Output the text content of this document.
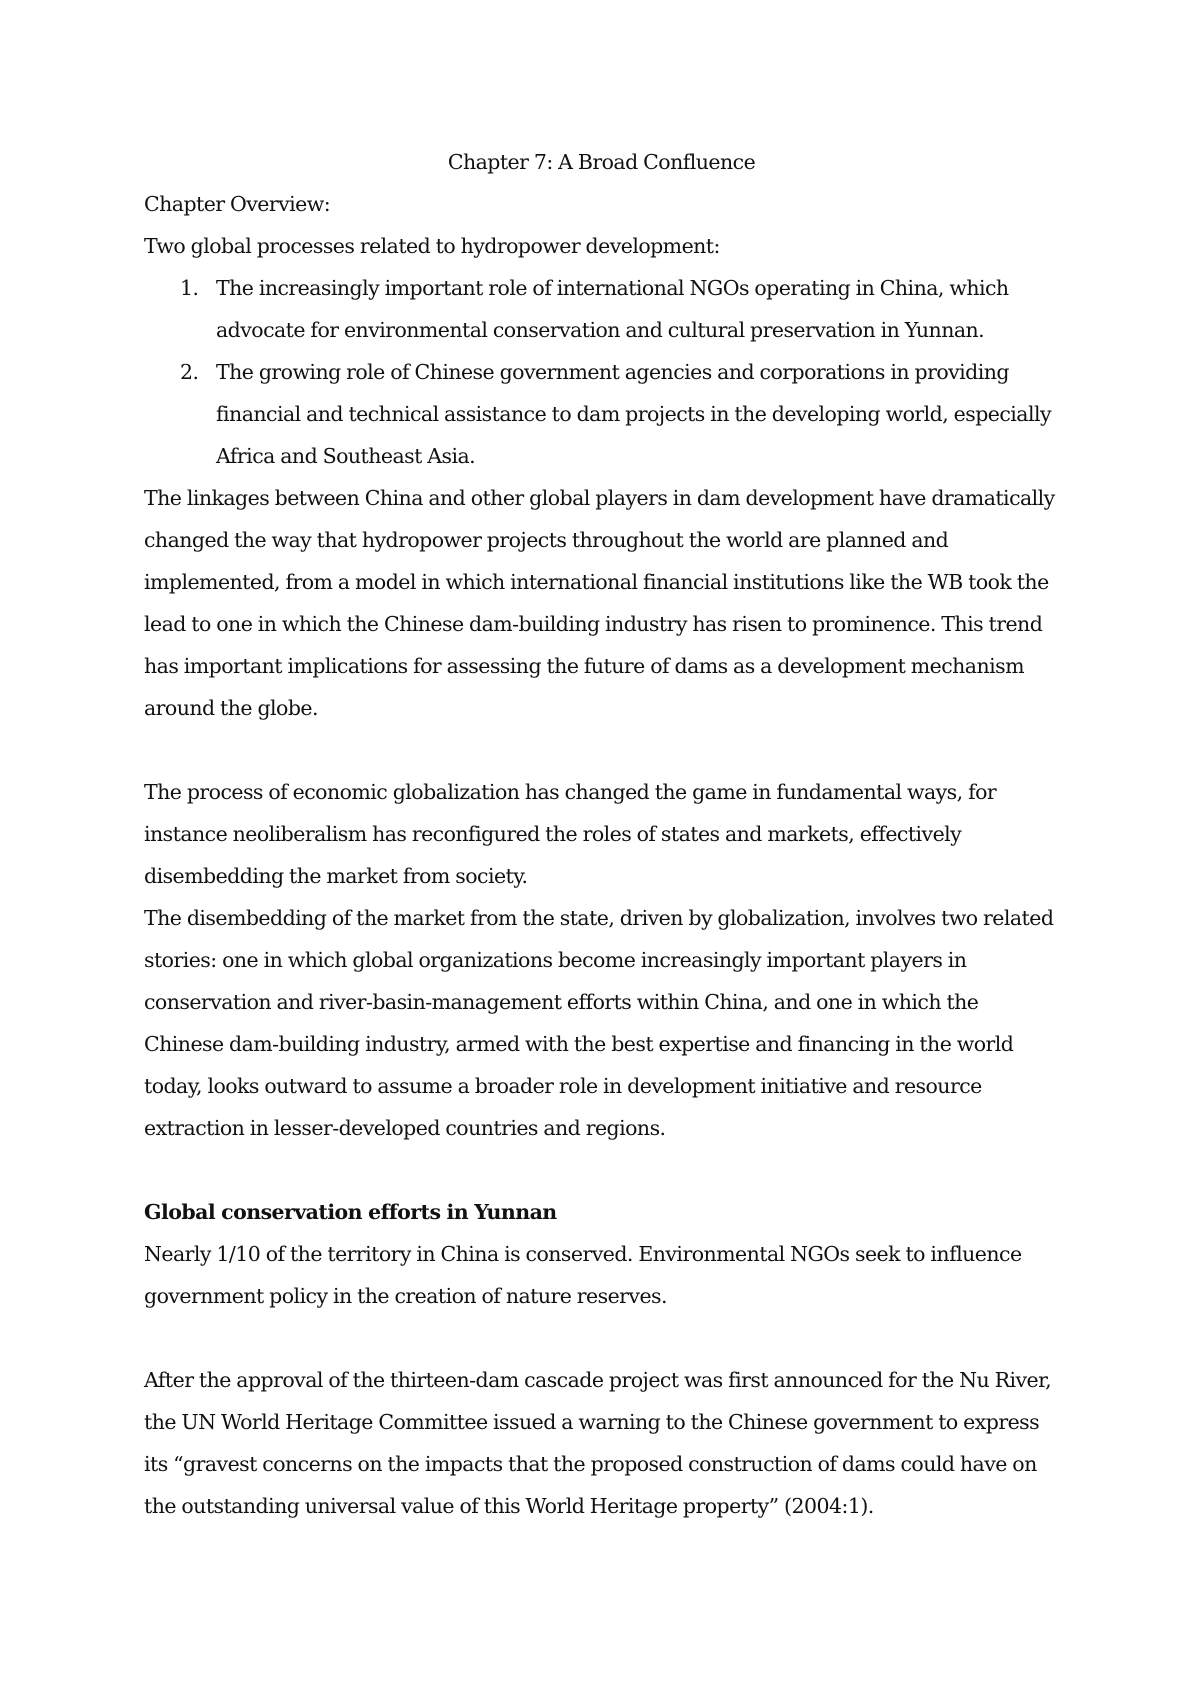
Chapter 7: A Broad Confluence

Chapter Overview:

Two global processes related to hydropower development:

1. The increasingly important role of international NGOs operating in China, which advocate for environmental conservation and cultural preservation in Yunnan.
2. The growing role of Chinese government agencies and corporations in providing financial and technical assistance to dam projects in the developing world, especially Africa and Southeast Asia.

The linkages between China and other global players in dam development have dramatically changed the way that hydropower projects throughout the world are planned and implemented, from a model in which international financial institutions like the WB took the lead to one in which the Chinese dam-building industry has risen to prominence. This trend has important implications for assessing the future of dams as a development mechanism around the globe.

The process of economic globalization has changed the game in fundamental ways, for instance neoliberalism has reconfigured the roles of states and markets, effectively disembedding the market from society.

The disembedding of the market from the state, driven by globalization, involves two related stories: one in which global organizations become increasingly important players in conservation and river-basin-management efforts within China, and one in which the Chinese dam-building industry, armed with the best expertise and financing in the world today, looks outward to assume a broader role in development initiative and resource extraction in lesser-developed countries and regions.

Global conservation efforts in Yunnan

Nearly 1/10 of the territory in China is conserved. Environmental NGOs seek to influence government policy in the creation of nature reserves.

After the approval of the thirteen-dam cascade project was first announced for the Nu River, the UN World Heritage Committee issued a warning to the Chinese government to express its “gravest concerns on the impacts that the proposed construction of dams could have on the outstanding universal value of this World Heritage property” (2004:1).
